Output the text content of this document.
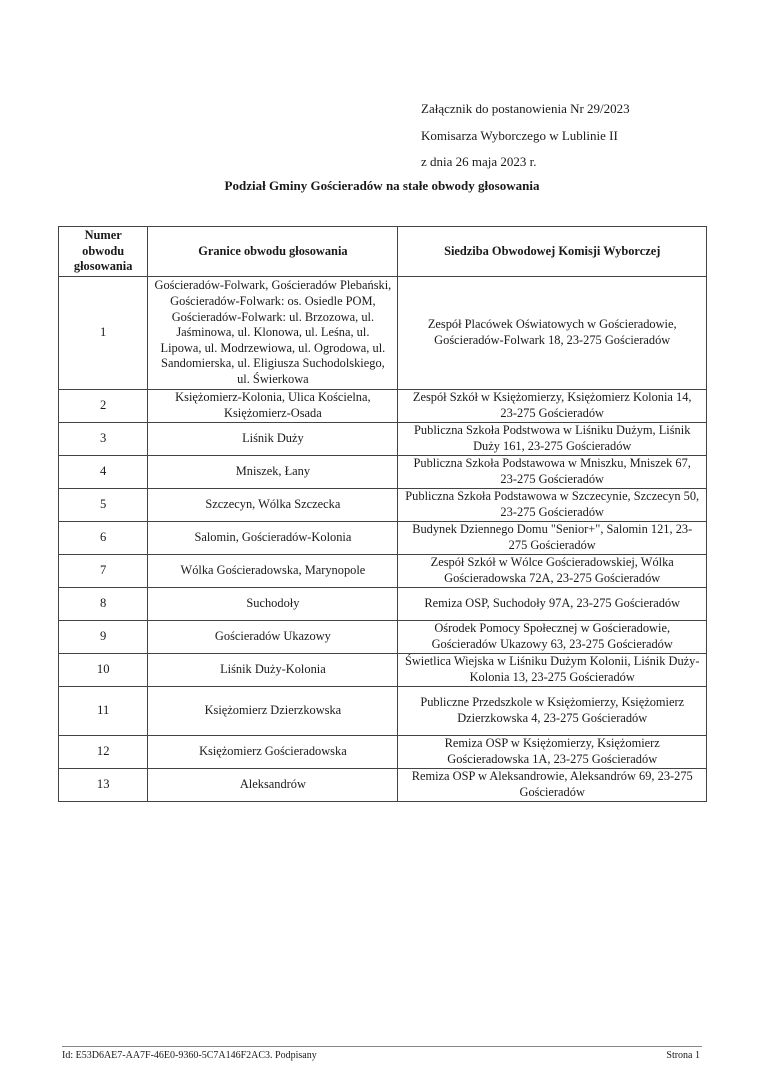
Załącznik do postanowienia Nr 29/2023
Komisarza Wyborczego w Lublinie II
z dnia 26 maja 2023 r.
Podział Gminy Gościeradów na stałe obwody głosowania
Numer obwodu głosowania	Granice obwodu głosowania	Siedziba Obwodowej Komisji Wyborczej
1	Gościeradów-Folwark, Gościeradów Plebański, Gościeradów-Folwark: os. Osiedle POM, Gościeradów-Folwark: ul. Brzozowa, ul. Jaśminowa, ul. Klonowa, ul. Leśna, ul. Lipowa, ul. Modrzewiowa, ul. Ogrodowa, ul. Sandomierska, ul. Eligiusza Suchodolskiego, ul. Świerkowa	Zespół Placówek Oświatowych w Gościeradowie, Gościeradów-Folwark 18, 23-275 Gościeradów
2	Księżomierz-Kolonia, Ulica Kościelna, Księżomierz-Osada	Zespół Szkół w Księżomierzy, Księżomierz Kolonia 14, 23-275 Gościeradów
3	Liśnik Duży	Publiczna Szkoła Podstwowa w Liśniku Dużym, Liśnik Duży 161, 23-275 Gościeradów
4	Mniszek, Łany	Publiczna Szkoła Podstawowa w Mniszku, Mniszek 67, 23-275 Gościeradów
5	Szczecyn, Wólka Szczecka	Publiczna Szkoła Podstawowa w Szczecynie, Szczecyn 50, 23-275 Gościeradów
6	Salomin, Gościeradów-Kolonia	Budynek Dziennego Domu "Senior+", Salomin 121, 23-275 Gościeradów
7	Wólka Gościeradowska, Marynopole	Zespół Szkół w Wólce Gościeradowskiej, Wólka Gościeradowska 72A, 23-275 Gościeradów
8	Suchodoły	Remiza OSP, Suchodoły 97A, 23-275 Gościeradów
9	Gościeradów Ukazowy	Ośrodek Pomocy Społecznej w Gościeradowie, Gościeradów Ukazowy 63, 23-275 Gościeradów
10	Liśnik Duży-Kolonia	Świetlica Wiejska w Liśniku Dużym Kolonii, Liśnik Duży-Kolonia 13, 23-275 Gościeradów
11	Księżomierz Dzierzkowska	Publiczne Przedszkole w Księżomierzy, Księżomierz Dzierzkowska 4, 23-275 Gościeradów
12	Księżomierz Gościeradowska	Remiza OSP w Księżomierzy, Księżomierz Gościeradowska 1A, 23-275 Gościeradów
13	Aleksandrów	Remiza OSP w Aleksandrowie, Aleksandrów 69, 23-275 Gościeradów
Id: E53D6AE7-AA7F-46E0-9360-5C7A146F2AC3. Podpisany	Strona 1
